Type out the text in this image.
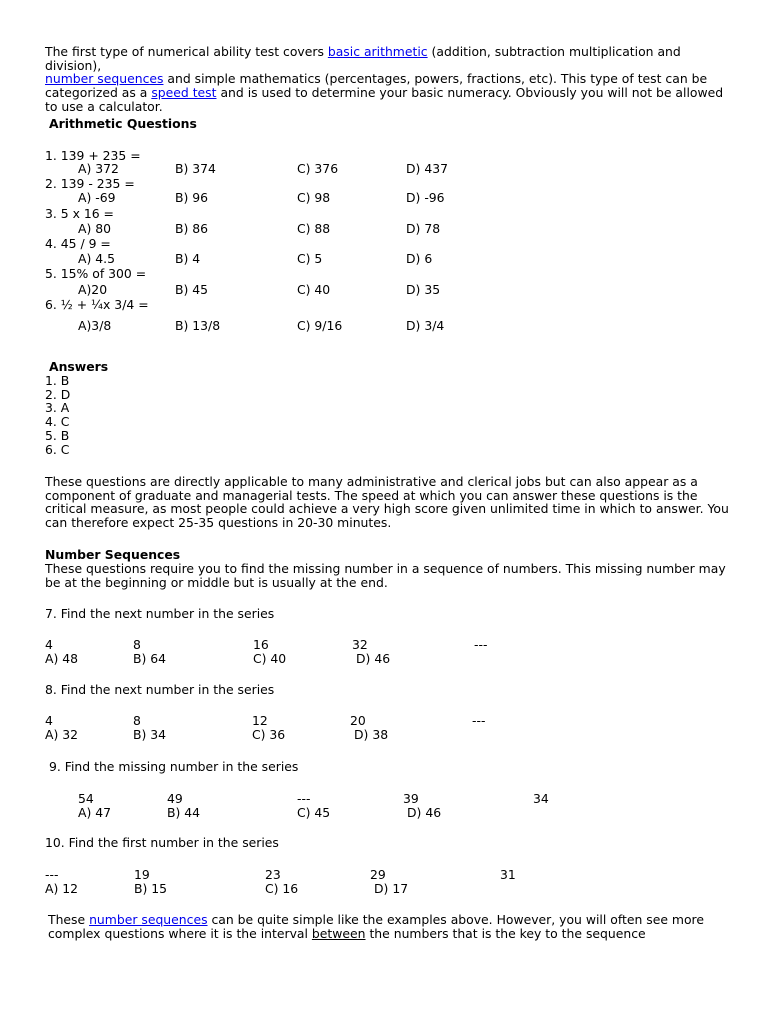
The first type of numerical ability test covers basic arithmetic (addition, subtraction multiplication and division),
number sequences and simple mathematics (percentages, powers, fractions, etc). This type of test can be categorized as a speed test and is used to determine your basic numeracy. Obviously you will not be allowed to use a calculator.
Arithmetic Questions
1. 139 + 235 =
A) 372	B) 374	C) 376	D) 437
2. 139 - 235 =
A) -69	B) 96	C) 98	D) -96
3. 5 x 16 =
A) 80	B) 86	C) 88	D) 78
4. 45 / 9 =
A) 4.5	B) 4	C) 5	D) 6
5. 15% of 300 =
A)20	B) 45	C) 40	D) 35
6. ½ + ¼x 3/4 =
A)3/8	B) 13/8	C) 9/16	D) 3/4
Answers
1. B
2. D
3. A
4. C
5. B
6. C
These questions are directly applicable to many administrative and clerical jobs but can also appear as a component of graduate and managerial tests. The speed at which you can answer these questions is the critical measure, as most people could achieve a very high score given unlimited time in which to answer. You can therefore expect 25-35 questions in 20-30 minutes.
Number Sequences
These questions require you to find the missing number in a sequence of numbers. This missing number may be at the beginning or middle but is usually at the end.
7. Find the next number in the series
4	8	16	32	---
A) 48	B) 64	C) 40	D) 46
8. Find the next number in the series
4	8	12	20	---
A) 32	B) 34	C) 36	D) 38
9. Find the missing number in the series
54	49	---	39	34
A) 47	B) 44	C) 45	D) 46
10. Find the first number in the series
---	19	23	29	31
A) 12	B) 15	C) 16	D) 17
These number sequences can be quite simple like the examples above. However, you will often see more complex questions where it is the interval between the numbers that is the key to the sequence
